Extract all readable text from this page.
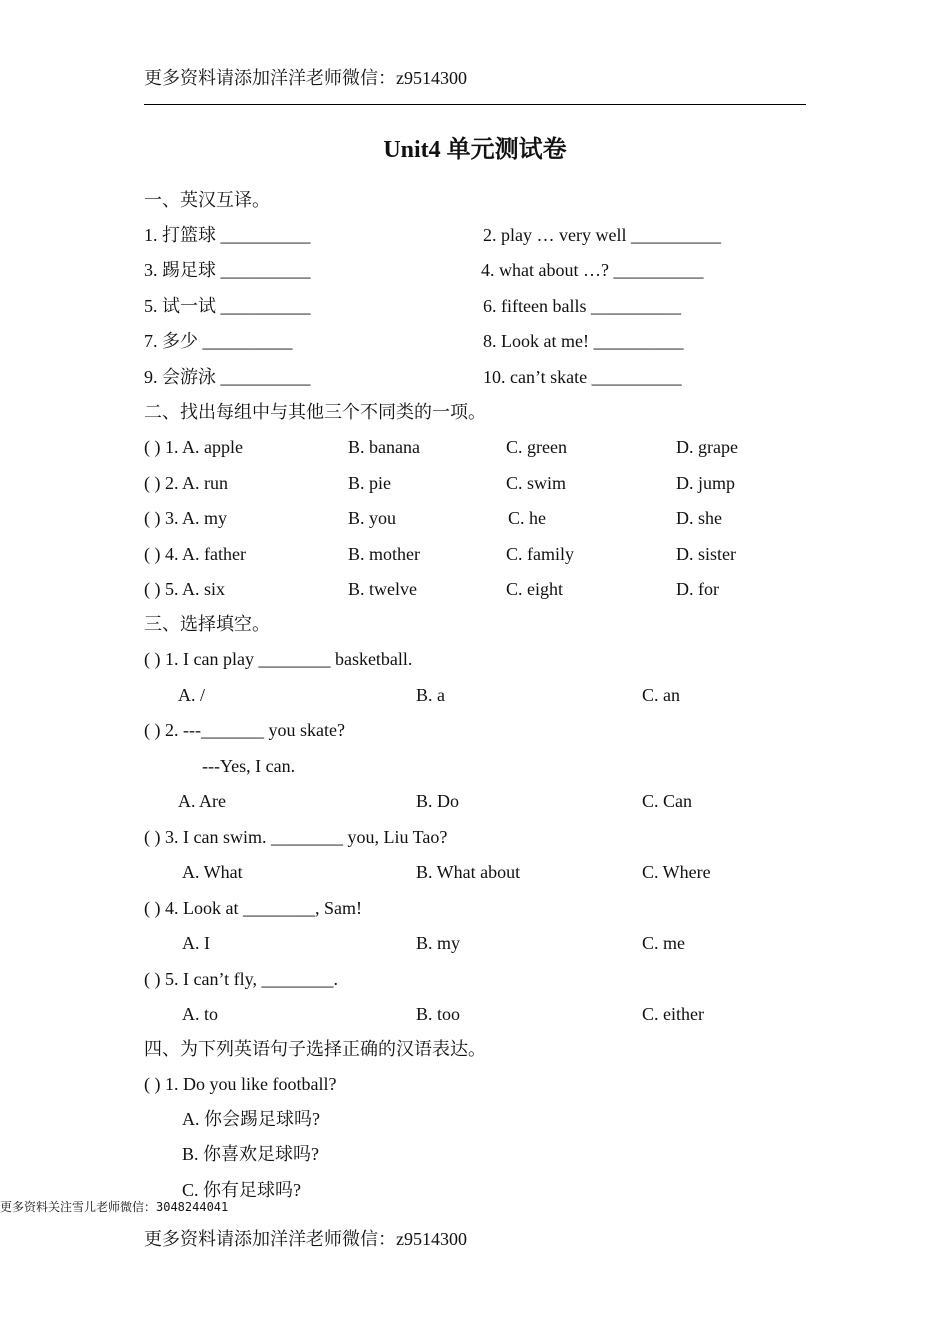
更多资料请添加洋洋老师微信：z9514300
Unit4 单元测试卷
一、英汉互译。
1. 打篮球 __________	2. play … very well __________
3. 踢足球 __________	4. what about …? __________
5. 试一试 __________	6. fifteen balls __________
7. 多少 __________	8. Look at me! __________
9. 会游泳 __________	10. can’t skate __________
二、找出每组中与其他三个不同类的一项。
( ) 1. A. apple	B. banana	C. green	D. grape
( ) 2. A. run	B. pie	C. swim	D. jump
( ) 3. A. my	B. you	C. he	D. she
( ) 4. A. father	B. mother	C. family	D. sister
( ) 5. A. six	B. twelve	C. eight	D. for
三、选择填空。
( ) 1. I can play ________ basketball.
A. /	B. a	C. an
( ) 2. ---_______ you skate?
---Yes, I can.
A. Are	B. Do	C. Can
( ) 3. I can swim. ________ you, Liu Tao?
A. What	B. What about	C. Where
( ) 4. Look at ________, Sam!
A. I	B. my	C. me
( ) 5. I can’t fly, ________.
A. to	B. too	C. either
四、为下列英语句子选择正确的汉语表达。
( ) 1. Do you like football?
A. 你会踢足球吗?
B. 你喜欢足球吗?
C. 你有足球吗?
更多资料关注雪儿老师微信：3048244041
更多资料请添加洋洋老师微信：z9514300
